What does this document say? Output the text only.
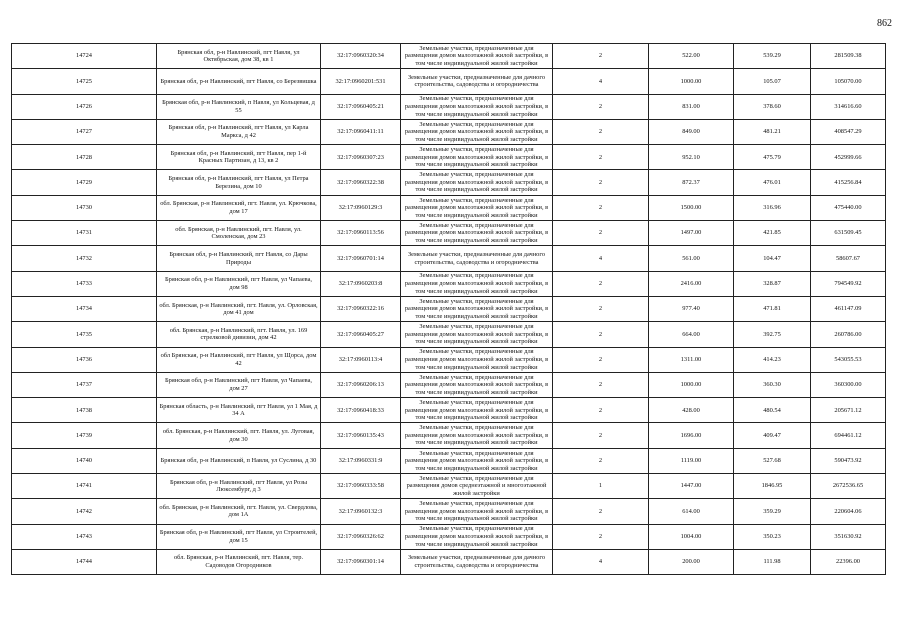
862
14724	Брянская обл, р-н Навлинский, пгт Навля, ул Октябрьская, дом 38, кв 1	32:17:0960320:34	Земельные участки, предназначенные для размещения домов малоэтажной жилой застройки, в том числе индивидуальной жилой застройки	2	522.00	539.29	281509.38
14725	Брянская обл, р-н Навлинский, пгт Навля, со Березвишка	32:17:0960201:531	Земельные участки, предназначенные для дачного строительства, садоводства и огородничества	4	1000.00	105.07	105070.00
14726	Брянская обл, р-н Навлинский, п Навля, ул Кольцевая, д 55	32:17:0960405:21	Земельные участки, предназначенные для размещения домов малоэтажной жилой застройки, в том числе индивидуальной жилой застройки	2	831.00	378.60	314616.60
14727	Брянская обл, р-н Навлинский, пгт Навля, ул Карла Маркса, д 42	32:17:0960411:11	Земельные участки, предназначенные для размещения домов малоэтажной жилой застройки, в том числе индивидуальной жилой застройки	2	849.00	481.21	408547.29
14728	Брянская обл, р-н Навлинский, пгт Навля, пер 1-й Красных Партизан, д 13, кв 2	32:17:0960307:23	Земельные участки, предназначенные для размещения домов малоэтажной жилой застройки, в том числе индивидуальной жилой застройки	2	952.10	475.79	452999.66
14729	Брянская обл, р-н Навлинский, пгт Навля, ул Петра Березина, дом 10	32:17:0960322:38	Земельные участки, предназначенные для размещения домов малоэтажной жилой застройки, в том числе индивидуальной жилой застройки	2	872.37	476.01	415256.84
14730	обл. Брянская, р-н Навлинский, пгт. Навля, ул. Крючкова, дом 17	32:17:0960129:3	Земельные участки, предназначенные для размещения домов малоэтажной жилой застройки, в том числе индивидуальной жилой застройки	2	1500.00	316.96	475440.00
14731	обл. Брянская, р-н Навлинский, пгт. Навля, ул. Смоленская, дом 23	32:17:0960113:56	Земельные участки, предназначенные для размещения домов малоэтажной жилой застройки, в том числе индивидуальной жилой застройки	2	1497.00	421.85	631509.45
14732	Брянская обл, р-н Навлинский, пгт Навля, со Дары Природы	32:17:0960701:14	Земельные участки, предназначенные для дачного строительства, садоводства и огородничества	4	561.00	104.47	58607.67
14733	Брянская обл, р-н Навлинский, пгт Навля, ул Чапаева, дом 98	32:17:0960203:8	Земельные участки, предназначенные для размещения домов малоэтажной жилой застройки, в том числе индивидуальной жилой застройки	2	2416.00	328.87	794549.92
14734	обл. Брянская, р-н Навлинский, пгт. Навля, ул. Орловская, дом 41 дом	32:17:0960322:16	Земельные участки, предназначенные для размещения домов малоэтажной жилой застройки, в том числе индивидуальной жилой застройки	2	977.40	471.81	461147.09
14735	обл. Брянская, р-н Навлинский, пгт. Навля, ул. 169 стрелковой дивизии, дом 42	32:17:0960405:27	Земельные участки, предназначенные для размещения домов малоэтажной жилой застройки, в том числе индивидуальной жилой застройки	2	664.00	392.75	260786.00
14736	обл Брянская, р-н Навлинский, пгт Навля, ул Щорса, дом 42	32:17:0960113:4	Земельные участки, предназначенные для размещения домов малоэтажной жилой застройки, в том числе индивидуальной жилой застройки	2	1311.00	414.23	543055.53
14737	Брянская обл, р-н Навлинский, пгт Навля, ул Чапаева, дом 27	32:17:0960206:13	Земельные участки, предназначенные для размещения домов малоэтажной жилой застройки, в том числе индивидуальной жилой застройки	2	1000.00	360.30	360300.00
14738	Брянская область, р-н Навлинский, пгт Навля, ул 1 Мая, д 34 А	32:17:0960418:33	Земельные участки, предназначенные для размещения домов малоэтажной жилой застройки, в том числе индивидуальной жилой застройки	2	428.00	480.54	205671.12
14739	обл. Брянская, р-н Навлинский, пгт. Навля, ул. Луговая, дом 30	32:17:0960135:43	Земельные участки, предназначенные для размещения домов малоэтажной жилой застройки, в том числе индивидуальной жилой застройки	2	1696.00	409.47	694461.12
14740	Брянская обл, р-н Навлинский, п Навля, ул Суслина, д 30	32:17:0960331:9	Земельные участки, предназначенные для размещения домов малоэтажной жилой застройки, в том числе индивидуальной жилой застройки	2	1119.00	527.68	590473.92
14741	Брянская обл, р-н Навлинский, пгт Навля, ул Розы Люксембург, д 3	32:17:0960333:58	Земельные участки, предназначенные для размещения домов среднеэтажной и многоэтажной жилой застройки	1	1447.00	1846.95	2672536.65
14742	обл. Брянская, р-н Навлинский, пгт. Навля, ул. Свердлова, дом 1А	32:17:0960132:3	Земельные участки, предназначенные для размещения домов малоэтажной жилой застройки, в том числе индивидуальной жилой застройки	2	614.00	359.29	220604.06
14743	Брянская обл, р-н Навлинский, пгт Навля, ул Строителей, дом 15	32:17:0960326:62	Земельные участки, предназначенные для размещения домов малоэтажной жилой застройки, в том числе индивидуальной жилой застройки	2	1004.00	350.23	351630.92
14744	обл. Брянская, р-н Навлинский, пгт. Навля, тер. Садоводов Огородников	32:17:0960301:14	Земельные участки, предназначенные для дачного строительства, садоводства и огородничества	4	200.00	111.98	22396.00
